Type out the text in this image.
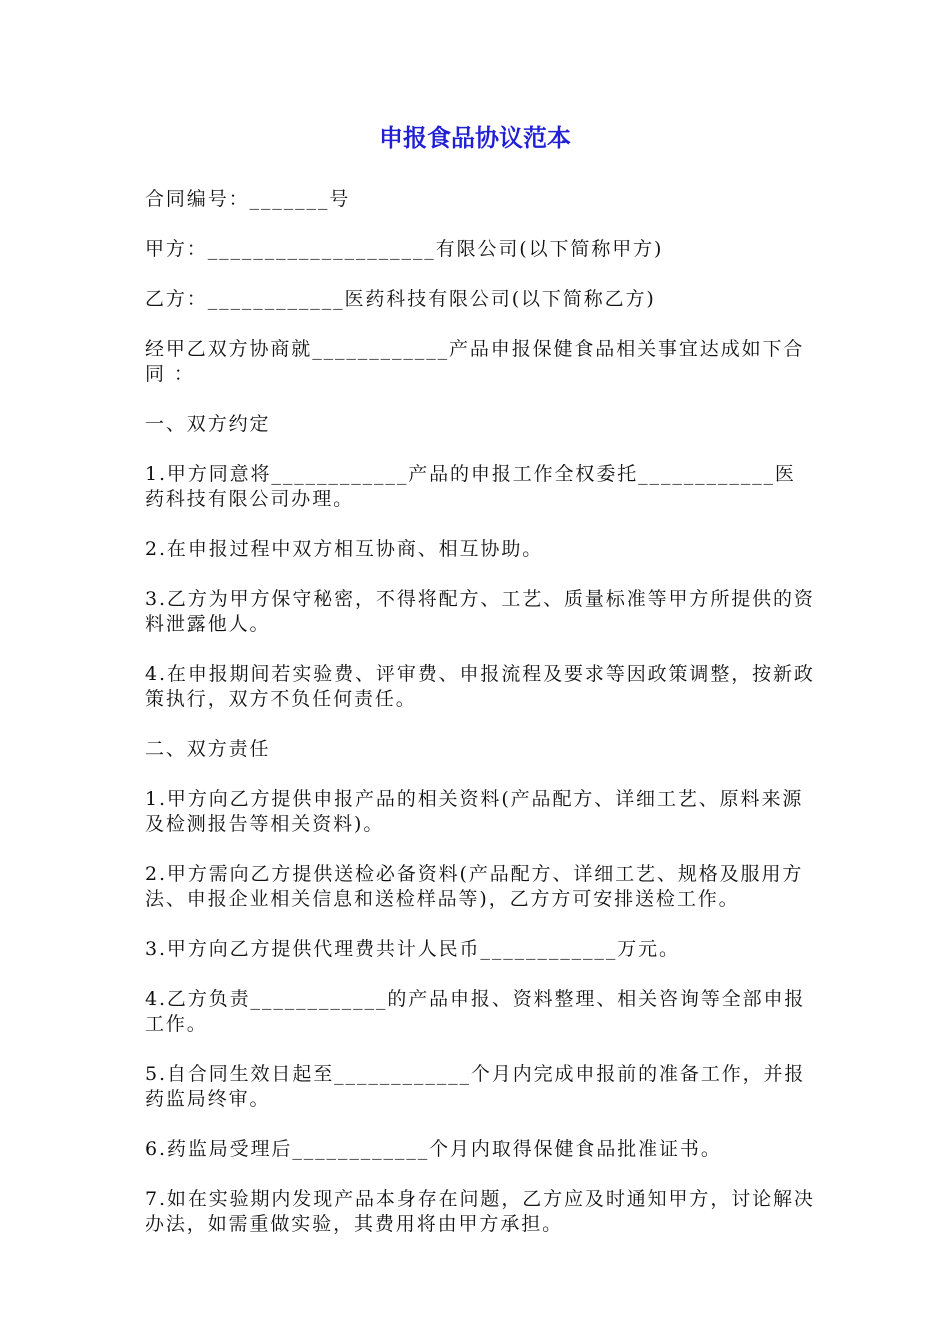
申报食品协议范本
合同编号：_______号
甲方：____________________有限公司(以下简称甲方)
乙方：____________医药科技有限公司(以下简称乙方)
经甲乙双方协商就____________产品申报保健食品相关事宜达成如下合同 ：
一、双方约定
1.甲方同意将____________产品的申报工作全权委托____________医药科技有限公司办理。
2.在申报过程中双方相互协商、相互协助。
3.乙方为甲方保守秘密，不得将配方、工艺、质量标准等甲方所提供的资料泄露他人。
4.在申报期间若实验费、评审费、申报流程及要求等因政策调整，按新政策执行，双方不负任何责任。
二、双方责任
1.甲方向乙方提供申报产品的相关资料(产品配方、详细工艺、原料来源及检测报告等相关资料)。
2.甲方需向乙方提供送检必备资料(产品配方、详细工艺、规格及服用方法、申报企业相关信息和送检样品等)，乙方方可安排送检工作。
3.甲方向乙方提供代理费共计人民币____________万元。
4.乙方负责____________的产品申报、资料整理、相关咨询等全部申报工作。
5.自合同生效日起至____________个月内完成申报前的准备工作，并报药监局终审。
6.药监局受理后____________个月内取得保健食品批准证书。
7.如在实验期内发现产品本身存在问题，乙方应及时通知甲方，讨论解决办法，如需重做实验，其费用将由甲方承担。
